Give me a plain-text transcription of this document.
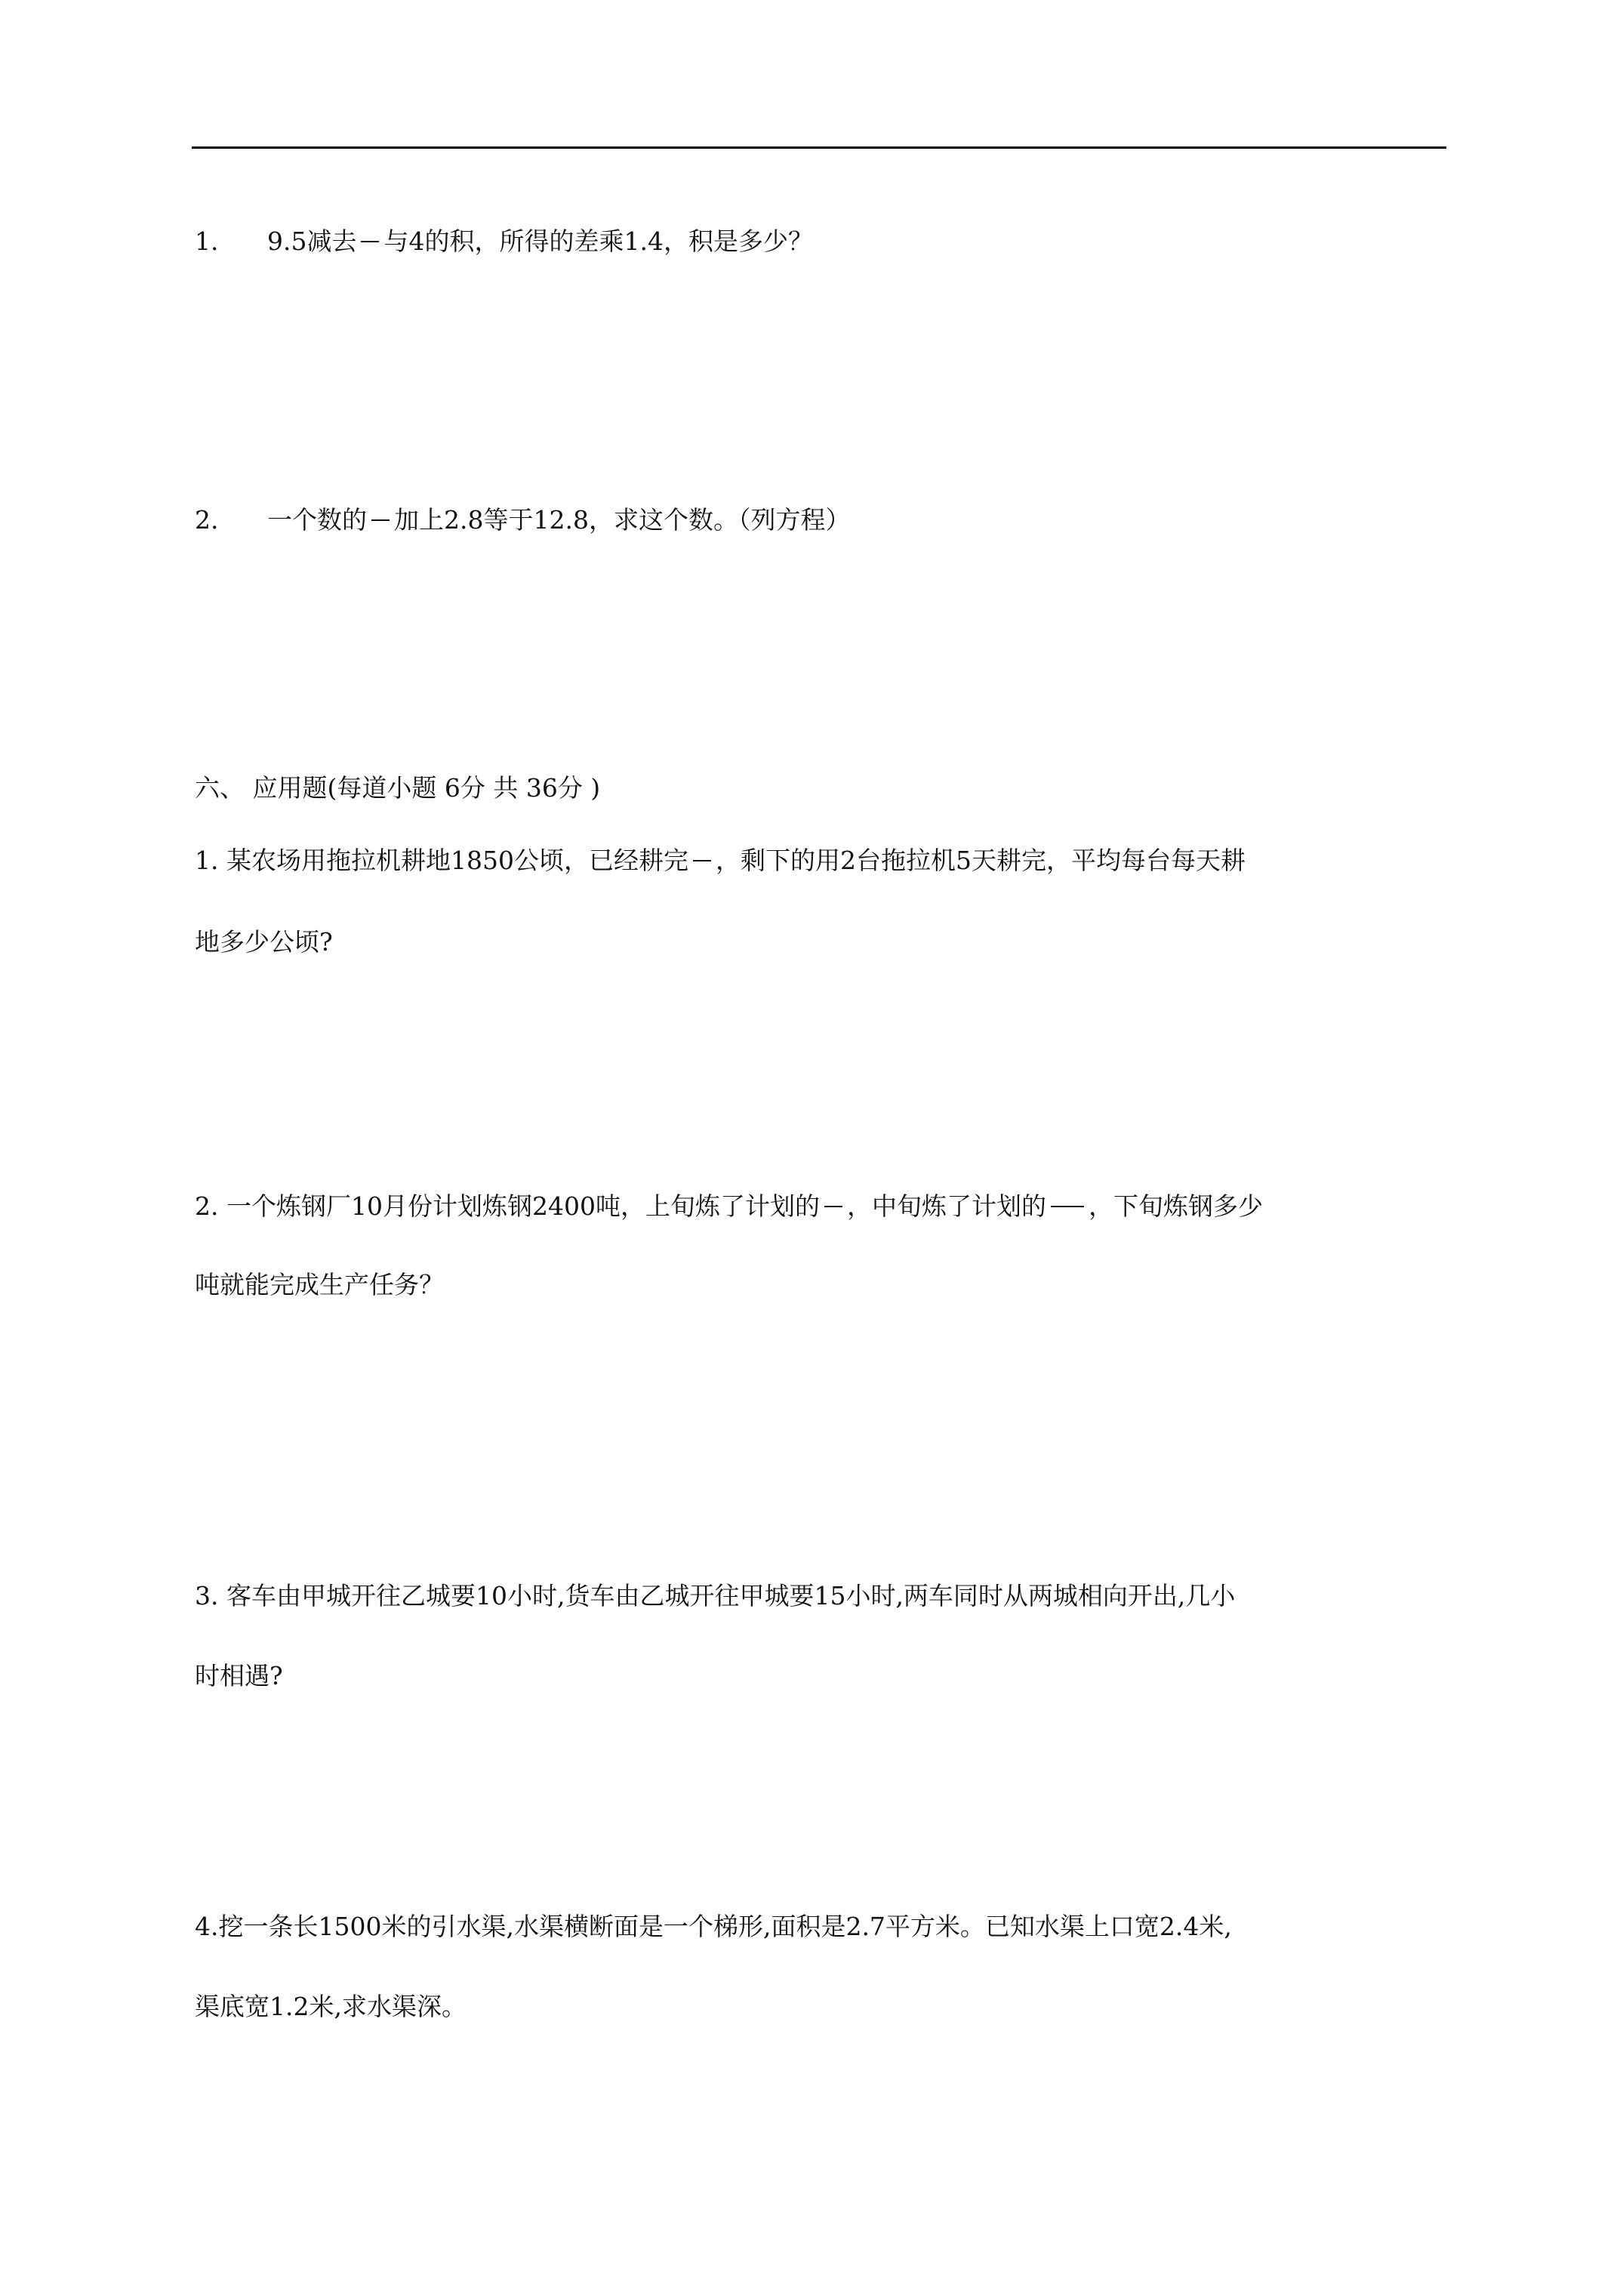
1. 9.5减去 与4的积，所得的差乘1.4，积是多少？
2. 一个数的 加上2.8等于12.8，求这个数。（列方程）
六、 应用题(每道小题 6分 共 36分 )
1. 某农场用拖拉机耕地1850公顷，已经耕完 ，剩下的用2台拖拉机5天耕完，平均每台每天耕
地多少公顷?
2. 一个炼钢厂10月份计划炼钢2400吨，上旬炼了计划的 ，中旬炼了计划的 ，下旬炼钢多少
吨就能完成生产任务？
3. 客车由甲城开往乙城要10小时,货车由乙城开往甲城要15小时,两车同时从两城相向开出,几小
时相遇?
4.挖一条长1500米的引水渠,水渠横断面是一个梯形,面积是2.7平方米。已知水渠上口宽2.4米,
渠底宽1.2米,求水渠深。
